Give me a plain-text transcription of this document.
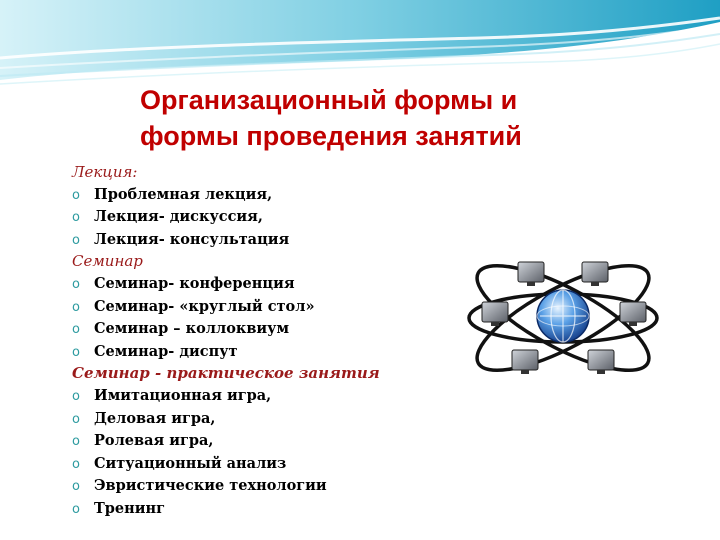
Организационный формы и
формы проведения занятий
Лекция:
o Проблемная лекция,
o Лекция- дискуссия,
o Лекция- консультация
Семинар
o Семинар- конференция
o Семинар- «круглый стол»
o Семинар – коллоквиум
o Семинар- диспут
Семинар - практическое занятия
o Имитационная игра,
o Деловая игра,
o Ролевая игра,
o Ситуационный анализ
o Эвристические технологии
o Тренинг
